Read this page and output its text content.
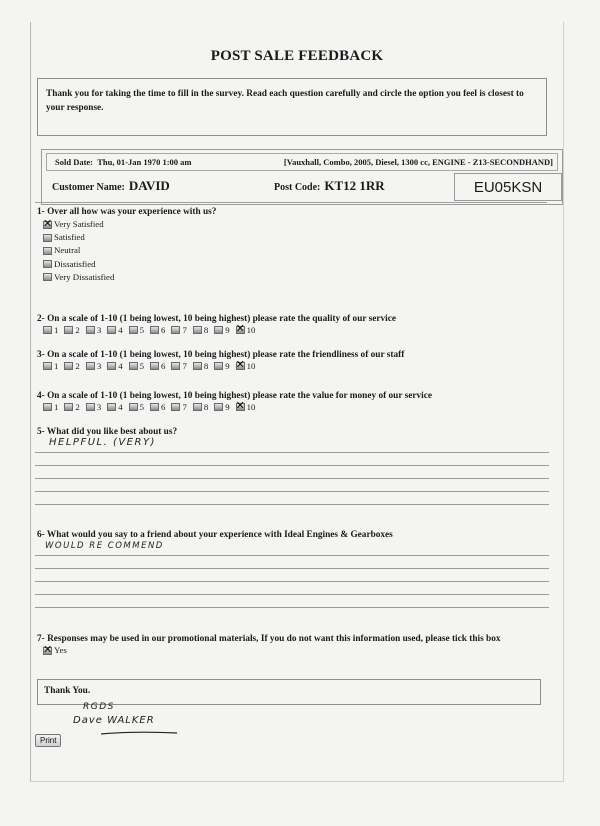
POST SALE FEEDBACK
Thank you for taking the time to fill in the survey. Read each question carefully and circle the option you feel is closest to your response.
Sold Date: Thu, 01-Jan 1970 1:00 am	[Vauxhall, Combo, 2005, Diesel, 1300 cc, ENGINE - Z13-SECONDHAND]
Customer Name: DAVID	Post Code: KT12 1RR	EU05KSN
1- Over all how was your experience with us?
✕
Very Satisfied
Satisfied
Neutral
Dissatisfied
Very Dissatisfied
2- On a scale of 1-10 (1 being lowest, 10 being highest) please rate the quality of our service
1 2 3 4 5 6 7 8 9 ✕ 10
3- On a scale of 1-10 (1 being lowest, 10 being highest) please rate the friendliness of our staff
1 2 3 4 5 6 7 8 9 ✕ 10
4- On a scale of 1-10 (1 being lowest, 10 being highest) please rate the value for money of our service
1 2 3 4 5 6 7 8 9 ✕ 10
5- What did you like best about us?
HELPFUL. (VERY)
6- What would you say to a friend about your experience with Ideal Engines & Gearboxes
WOULD RE COMMEND
7- Responses may be used in our promotional materials, If you do not want this information used, please tick this box
✕
Yes
Thank You.
RGDS
Dave WALKER
Print
